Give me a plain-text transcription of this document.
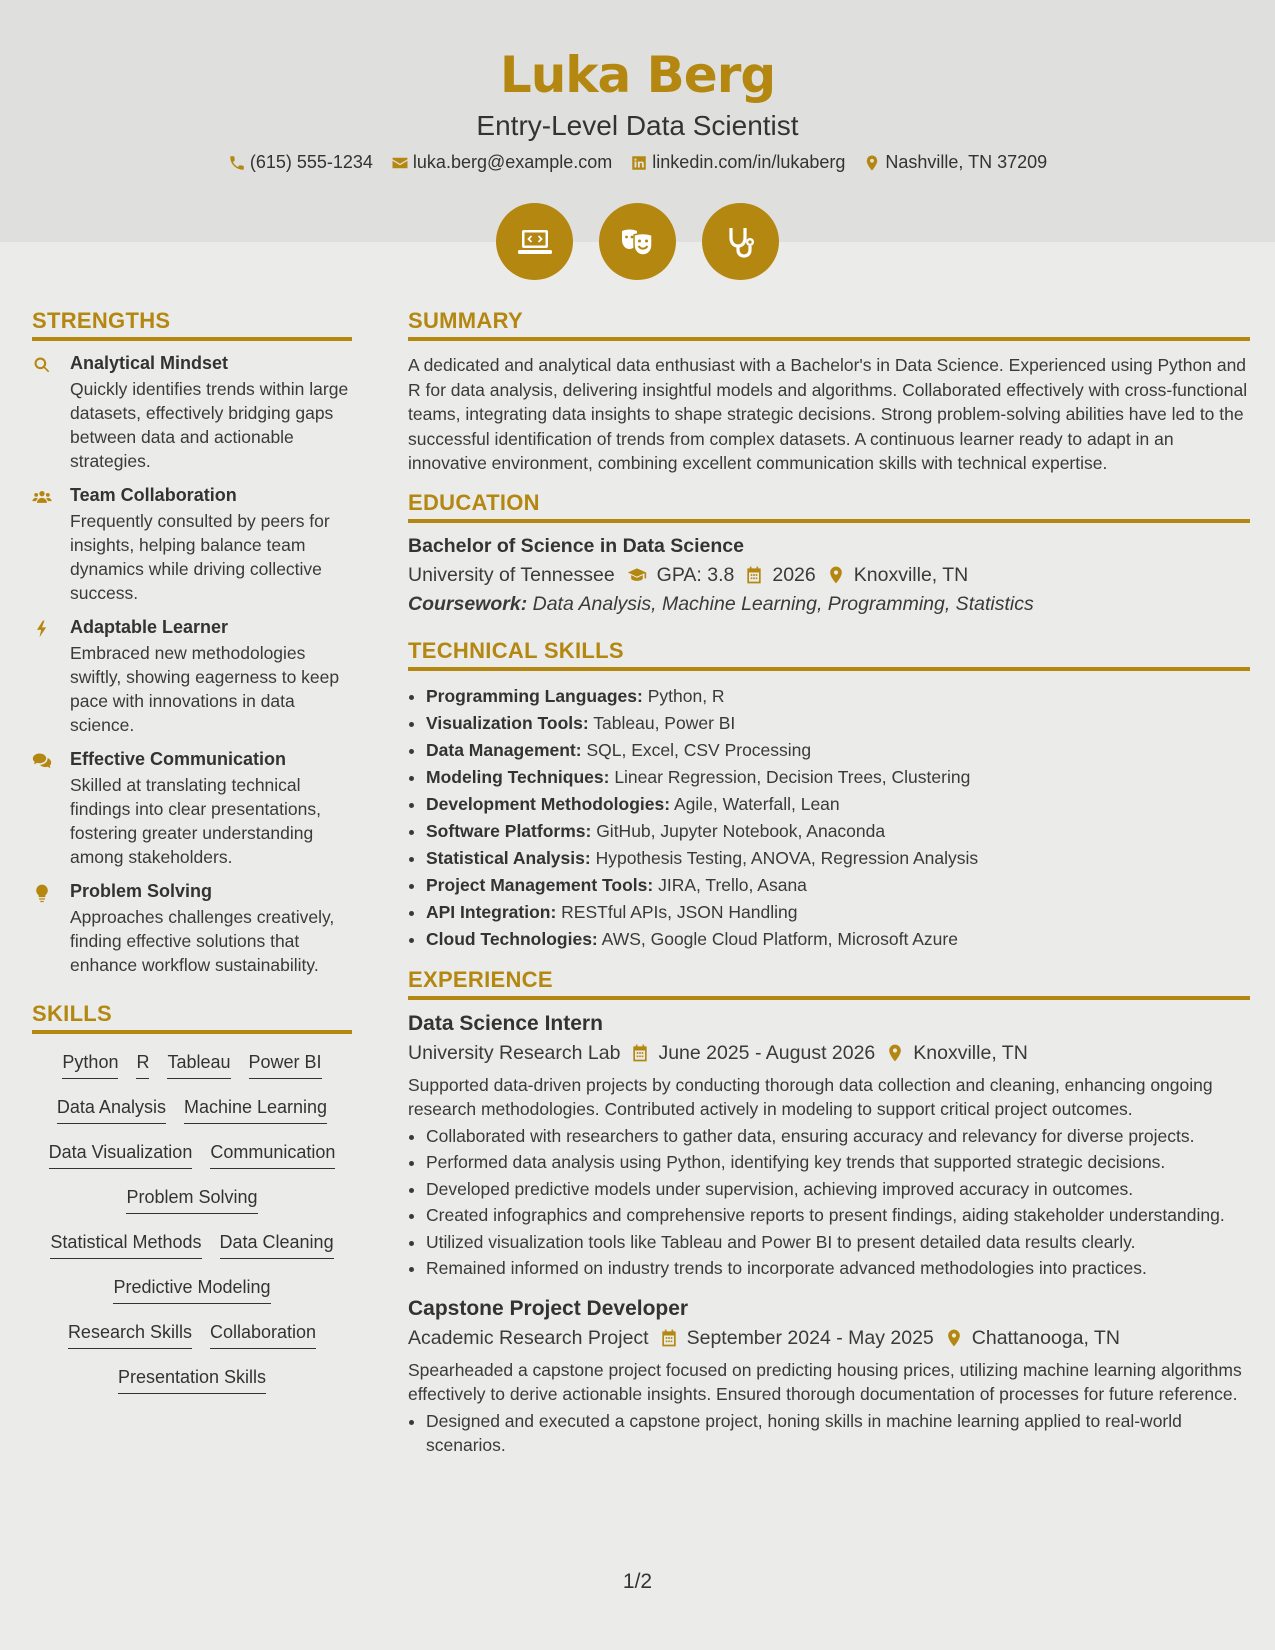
Luka Berg
Entry-Level Data Scientist
(615) 555-1234 luka.berg@example.com linkedin.com/in/lukaberg Nashville, TN 37209
STRENGTHS
Analytical Mindset
Quickly identifies trends within large datasets, effectively bridging gaps between data and actionable strategies.
Team Collaboration
Frequently consulted by peers for insights, helping balance team dynamics while driving collective success.
Adaptable Learner
Embraced new methodologies swiftly, showing eagerness to keep pace with innovations in data science.
Effective Communication
Skilled at translating technical findings into clear presentations, fostering greater understanding among stakeholders.
Problem Solving
Approaches challenges creatively, finding effective solutions that enhance workflow sustainability.
SKILLS
Python R Tableau Power BI
Data Analysis Machine Learning
Data Visualization Communication
Problem Solving
Statistical Methods Data Cleaning
Predictive Modeling
Research Skills Collaboration
Presentation Skills
SUMMARY
A dedicated and analytical data enthusiast with a Bachelor's in Data Science. Experienced using Python and R for data analysis, delivering insightful models and algorithms. Collaborated effectively with cross-functional teams, integrating data insights to shape strategic decisions. Strong problem-solving abilities have led to the successful identification of trends from complex datasets. A continuous learner ready to adapt in an innovative environment, combining excellent communication skills with technical expertise.
EDUCATION
Bachelor of Science in Data Science
University of Tennessee GPA: 3.8 2026 Knoxville, TN
Coursework: Data Analysis, Machine Learning, Programming, Statistics
TECHNICAL SKILLS
• Programming Languages: Python, R
• Visualization Tools: Tableau, Power BI
• Data Management: SQL, Excel, CSV Processing
• Modeling Techniques: Linear Regression, Decision Trees, Clustering
• Development Methodologies: Agile, Waterfall, Lean
• Software Platforms: GitHub, Jupyter Notebook, Anaconda
• Statistical Analysis: Hypothesis Testing, ANOVA, Regression Analysis
• Project Management Tools: JIRA, Trello, Asana
• API Integration: RESTful APIs, JSON Handling
• Cloud Technologies: AWS, Google Cloud Platform, Microsoft Azure
EXPERIENCE
Data Science Intern
University Research Lab June 2025 - August 2026 Knoxville, TN
Supported data-driven projects by conducting thorough data collection and cleaning, enhancing ongoing research methodologies. Contributed actively in modeling to support critical project outcomes.
• Collaborated with researchers to gather data, ensuring accuracy and relevancy for diverse projects.
• Performed data analysis using Python, identifying key trends that supported strategic decisions.
• Developed predictive models under supervision, achieving improved accuracy in outcomes.
• Created infographics and comprehensive reports to present findings, aiding stakeholder understanding.
• Utilized visualization tools like Tableau and Power BI to present detailed data results clearly.
• Remained informed on industry trends to incorporate advanced methodologies into practices.
Capstone Project Developer
Academic Research Project September 2024 - May 2025 Chattanooga, TN
Spearheaded a capstone project focused on predicting housing prices, utilizing machine learning algorithms effectively to derive actionable insights. Ensured thorough documentation of processes for future reference.
• Designed and executed a capstone project, honing skills in machine learning applied to real-world scenarios.
1/2
